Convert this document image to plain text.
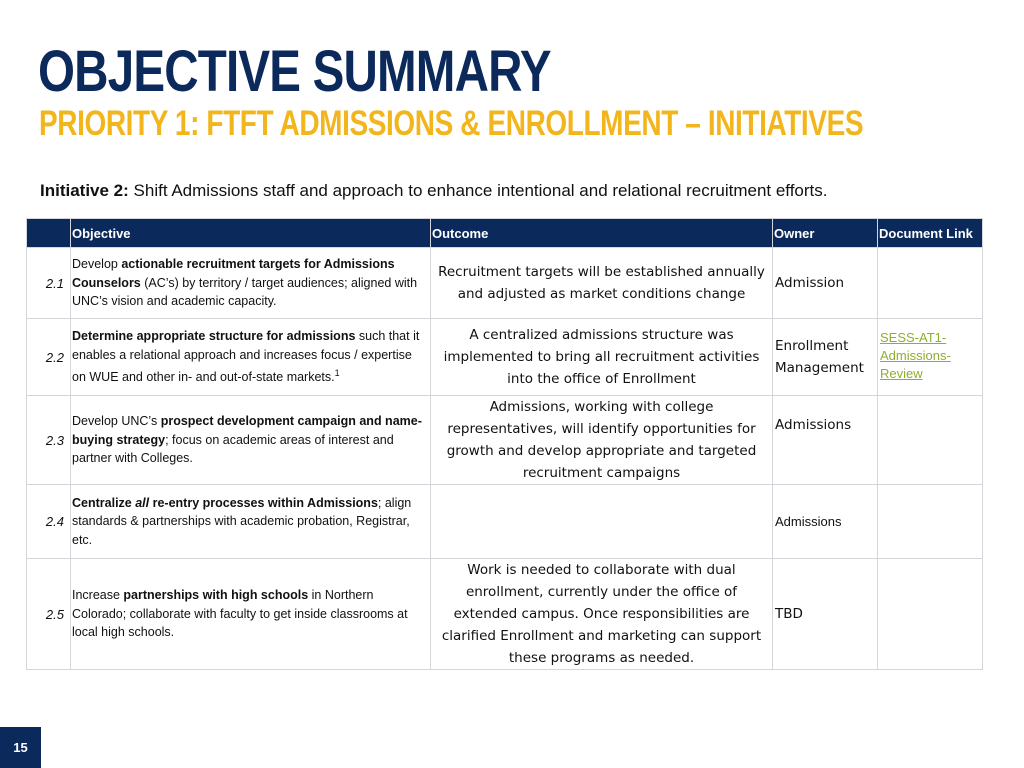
OBJECTIVE SUMMARY
PRIORITY 1: FTFT ADMISSIONS & ENROLLMENT – INITIATIVES
Initiative 2: Shift Admissions staff and approach to enhance intentional and relational recruitment efforts.
	Objective	Outcome	Owner	Document Link
2.1	Develop actionable recruitment targets for Admissions Counselors (AC’s) by territory / target audiences; aligned with UNC’s vision and academic capacity.	Recruitment targets will be established annually and adjusted as market conditions change	Admission	
2.2	Determine appropriate structure for admissions such that it enables a relational approach and increases focus / expertise on WUE and other in- and out-of-state markets.$^1$	A centralized admissions structure was implemented to bring all recruitment activities into the office of Enrollment	Enrollment Management	SESS-AT1-Admissions-Review
2.3	Develop UNC’s prospect development campaign and name-buying strategy; focus on academic areas of interest and partner with Colleges.	Admissions, working with college representatives, will identify opportunities for growth and develop appropriate and targeted recruitment campaigns	Admissions	
2.4	Centralize all re-entry processes within Admissions; align standards & partnerships with academic probation, Registrar, etc.		Admissions	
2.5	Increase partnerships with high schools in Northern Colorado; collaborate with faculty to get inside classrooms at local high schools.	Work is needed to collaborate with dual enrollment, currently under the office of extended campus. Once responsibilities are clarified Enrollment and marketing can support these programs as needed.	TBD	
15
